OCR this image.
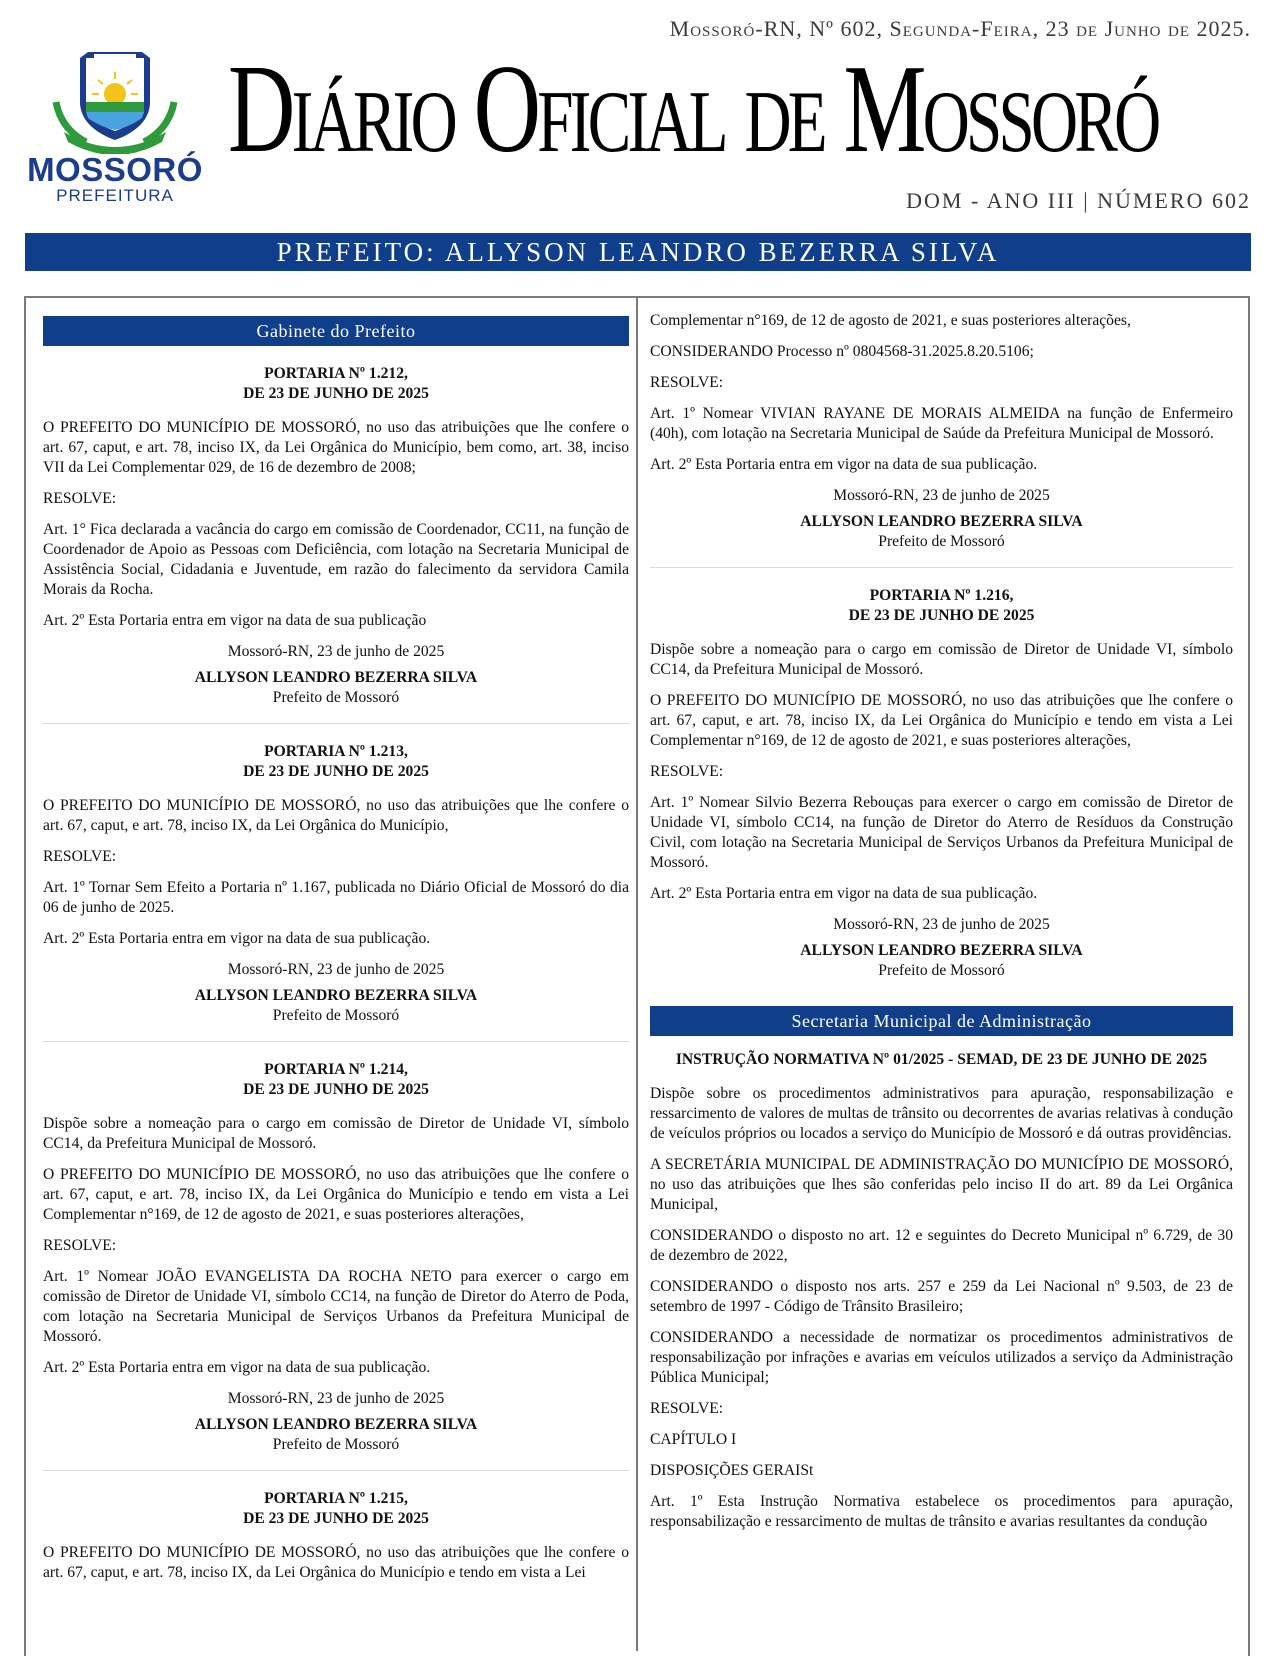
Mossoró-RN, Nº 602, Segunda-Feira, 23 de Junho de 2025.
MOSSORÓ
PREFEITURA
Diário Oficial de Mossoró
DOM - ANO III | NÚMERO 602
PREFEITO: ALLYSON LEANDRO BEZERRA SILVA
Gabinete do Prefeito
PORTARIA Nº 1.212,
DE 23 DE JUNHO DE 2025

O PREFEITO DO MUNICÍPIO DE MOSSORÓ, no uso das atribuições que lhe confere o art. 67, caput, e art. 78, inciso IX, da Lei Orgânica do Município, bem como, art. 38, inciso VII da Lei Complementar 029, de 16 de dezembro de 2008;

RESOLVE:

Art. 1° Fica declarada a vacância do cargo em comissão de Coordenador, CC11, na função de Coordenador de Apoio as Pessoas com Deficiência, com lotação na Secretaria Municipal de Assistência Social, Cidadania e Juventude, em razão do falecimento da servidora Camila Morais da Rocha.

Art. 2º Esta Portaria entra em vigor na data de sua publicação

Mossoró-RN, 23 de junho de 2025

ALLYSON LEANDRO BEZERRA SILVA

Prefeito de Mossoró

PORTARIA Nº 1.213,
DE 23 DE JUNHO DE 2025

O PREFEITO DO MUNICÍPIO DE MOSSORÓ, no uso das atribuições que lhe confere o art. 67, caput, e art. 78, inciso IX, da Lei Orgânica do Município,

RESOLVE:

Art. 1º Tornar Sem Efeito a Portaria nº 1.167, publicada no Diário Oficial de Mossoró do dia 06 de junho de 2025.

Art. 2º Esta Portaria entra em vigor na data de sua publicação.

Mossoró-RN, 23 de junho de 2025

ALLYSON LEANDRO BEZERRA SILVA

Prefeito de Mossoró

PORTARIA Nº 1.214,
DE 23 DE JUNHO DE 2025

Dispõe sobre a nomeação para o cargo em comissão de Diretor de Unidade VI, símbolo CC14, da Prefeitura Municipal de Mossoró.

O PREFEITO DO MUNICÍPIO DE MOSSORÓ, no uso das atribuições que lhe confere o art. 67, caput, e art. 78, inciso IX, da Lei Orgânica do Município e tendo em vista a Lei Complementar n°169, de 12 de agosto de 2021, e suas posteriores alterações,

RESOLVE:

Art. 1º Nomear JOÃO EVANGELISTA DA ROCHA NETO para exercer o cargo em comissão de Diretor de Unidade VI, símbolo CC14, na função de Diretor do Aterro de Poda, com lotação na Secretaria Municipal de Serviços Urbanos da Prefeitura Municipal de Mossoró.

Art. 2º Esta Portaria entra em vigor na data de sua publicação.

Mossoró-RN, 23 de junho de 2025

ALLYSON LEANDRO BEZERRA SILVA

Prefeito de Mossoró

PORTARIA Nº 1.215,
DE 23 DE JUNHO DE 2025

O PREFEITO DO MUNICÍPIO DE MOSSORÓ, no uso das atribuições que lhe confere o art. 67, caput, e art. 78, inciso IX, da Lei Orgânica do Município e tendo em vista a Lei

Complementar n°169, de 12 de agosto de 2021, e suas posteriores alterações,

CONSIDERANDO Processo nº 0804568-31.2025.8.20.5106;

RESOLVE:

Art. 1º Nomear VIVIAN RAYANE DE MORAIS ALMEIDA na função de Enfermeiro (40h), com lotação na Secretaria Municipal de Saúde da Prefeitura Municipal de Mossoró.

Art. 2º Esta Portaria entra em vigor na data de sua publicação.

Mossoró-RN, 23 de junho de 2025

ALLYSON LEANDRO BEZERRA SILVA

Prefeito de Mossoró

PORTARIA Nº 1.216,
DE 23 DE JUNHO DE 2025

Dispõe sobre a nomeação para o cargo em comissão de Diretor de Unidade VI, símbolo CC14, da Prefeitura Municipal de Mossoró.

O PREFEITO DO MUNICÍPIO DE MOSSORÓ, no uso das atribuições que lhe confere o art. 67, caput, e art. 78, inciso IX, da Lei Orgânica do Município e tendo em vista a Lei Complementar n°169, de 12 de agosto de 2021, e suas posteriores alterações,

RESOLVE:

Art. 1º Nomear Silvio Bezerra Rebouças para exercer o cargo em comissão de Diretor de Unidade VI, símbolo CC14, na função de Diretor do Aterro de Resíduos da Construção Civil, com lotação na Secretaria Municipal de Serviços Urbanos da Prefeitura Municipal de Mossoró.

Art. 2º Esta Portaria entra em vigor na data de sua publicação.

Mossoró-RN, 23 de junho de 2025

ALLYSON LEANDRO BEZERRA SILVA

Prefeito de Mossoró

Secretaria Municipal de Administração
INSTRUÇÃO NORMATIVA Nº 01/2025 - SEMAD, DE 23 DE JUNHO DE 2025

Dispõe sobre os procedimentos administrativos para apuração, responsabilização e ressarcimento de valores de multas de trânsito ou decorrentes de avarias relativas à condução de veículos próprios ou locados a serviço do Município de Mossoró e dá outras providências.

A SECRETÁRIA MUNICIPAL DE ADMINISTRAÇÃO DO MUNICÍPIO DE MOSSORÓ, no uso das atribuições que lhes são conferidas pelo inciso II do art. 89 da Lei Orgânica Municipal,

CONSIDERANDO o disposto no art. 12 e seguintes do Decreto Municipal nº 6.729, de 30 de dezembro de 2022,

CONSIDERANDO o disposto nos arts. 257 e 259 da Lei Nacional nº 9.503, de 23 de setembro de 1997 - Código de Trânsito Brasileiro;

CONSIDERANDO a necessidade de normatizar os procedimentos administrativos de responsabilização por infrações e avarias em veículos utilizados a serviço da Administração Pública Municipal;

RESOLVE:

CAPÍTULO I

DISPOSIÇÕES GERAISt

Art. 1º Esta Instrução Normativa estabelece os procedimentos para apuração, responsabilização e ressarcimento de multas de trânsito e avarias resultantes da condução
